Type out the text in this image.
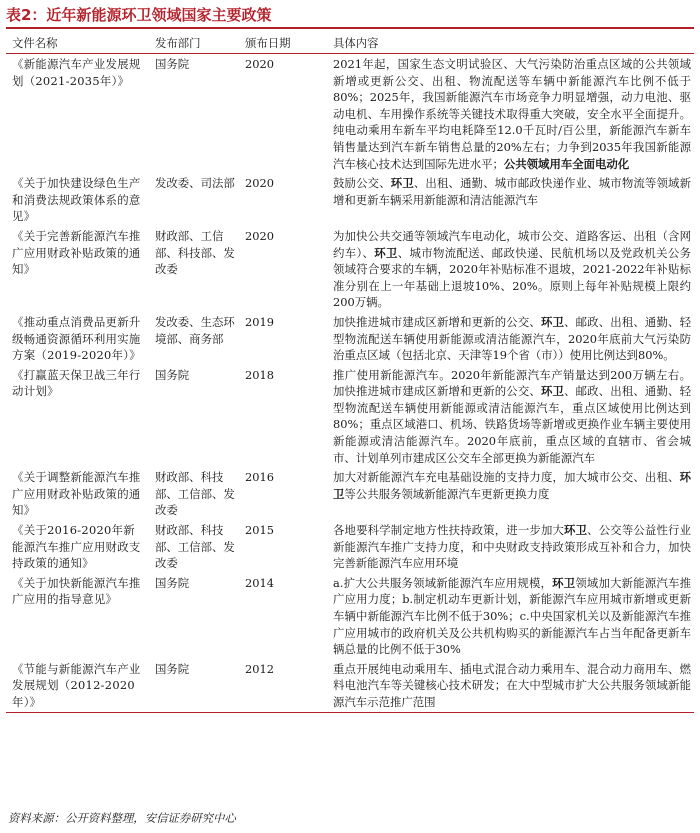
表2：近年新能源环卫领域国家主要政策
文件名称	发布部门	颁布日期	具体内容
《新能源汽车产业发展规划（2021-2035年）》	国务院	2020	2021年起，国家生态文明试验区、大气污染防治重点区域的公共领域新增或更新公交、出租、物流配送等车辆中新能源汽车比例不低于80%；2025年，我国新能源汽车市场竞争力明显增强，动力电池、驱动电机、车用操作系统等关键技术取得重大突破，安全水平全面提升。纯电动乘用车新车平均电耗降至12.0千瓦时/百公里，新能源汽车新车销售量达到汽车新车销售总量的20%左右；力争到2035年我国新能源汽车核心技术达到国际先进水平；公共领域用车全面电动化
《关于加快建设绿色生产和消费法规政策体系的意见》	发改委、司法部	2020	鼓励公交、环卫、出租、通勤、城市邮政快递作业、城市物流等领域新增和更新车辆采用新能源和清洁能源汽车
《关于完善新能源汽车推广应用财政补贴政策的通知》	财政部、工信部、科技部、发改委	2020	为加快公共交通等领域汽车电动化，城市公交、道路客运、出租（含网约车）、环卫、城市物流配送、邮政快递、民航机场以及党政机关公务领域符合要求的车辆，2020年补贴标准不退坡，2021-2022年补贴标准分别在上一年基础上退坡10%、20%。原则上每年补贴规模上限约200万辆。
《推动重点消费品更新升级畅通资源循环利用实施方案（2019-2020年）》	发改委、生态环境部、商务部	2019	加快推进城市建成区新增和更新的公交、环卫、邮政、出租、通勤、轻型物流配送车辆使用新能源或清洁能源汽车，2020年底前大气污染防治重点区域（包括北京、天津等19个省（市））使用比例达到80%。
《打赢蓝天保卫战三年行动计划》	国务院	2018	推广使用新能源汽车。2020年新能源汽车产销量达到200万辆左右。加快推进城市建成区新增和更新的公交、环卫、邮政、出租、通勤、轻型物流配送车辆使用新能源或清洁能源汽车，重点区域使用比例达到80%；重点区域港口、机场、铁路货场等新增或更换作业车辆主要使用新能源或清洁能源汽车。2020年底前，重点区域的直辖市、省会城市、计划单列市建成区公交车全部更换为新能源汽车
《关于调整新能源汽车推广应用财政补贴政策的通知》	财政部、科技部、工信部、发改委	2016	加大对新能源汽车充电基础设施的支持力度，加大城市公交、出租、环卫等公共服务领域新能源汽车更新更换力度
《关于2016-2020年新能源汽车推广应用财政支持政策的通知》	财政部、科技部、工信部、发改委	2015	各地要科学制定地方性扶持政策，进一步加大环卫、公交等公益性行业新能源汽车推广支持力度，和中央财政支持政策形成互补和合力，加快完善新能源汽车应用环境
《关于加快新能源汽车推广应用的指导意见》	国务院	2014	a.扩大公共服务领域新能源汽车应用规模，环卫领域加大新能源汽车推广应用力度；b.制定机动车更新计划，新能源汽车应用城市新增或更新车辆中新能源汽车比例不低于30%；c.中央国家机关以及新能源汽车推广应用城市的政府机关及公共机构购买的新能源汽车占当年配备更新车辆总量的比例不低于30%
《节能与新能源汽车产业发展规划（2012-2020年）》	国务院	2012	重点开展纯电动乘用车、插电式混合动力乘用车、混合动力商用车、燃料电池汽车等关键核心技术研发；在大中型城市扩大公共服务领域新能源汽车示范推广范围
资料来源：公开资料整理，安信证券研究中心
